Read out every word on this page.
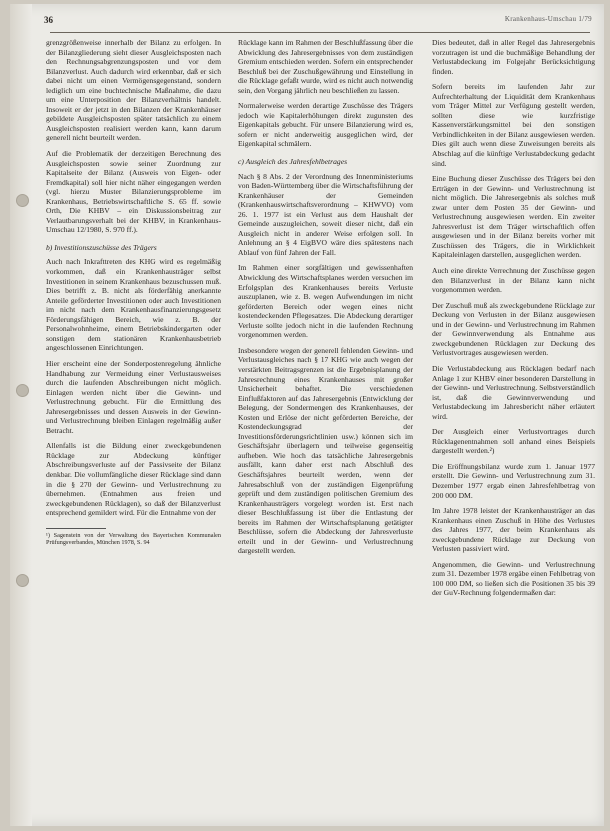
36	Krankenhaus-Umschau 1/79

grenzgrößenweise innerhalb der Bilanz zu erfolgen. In der Bilanzgliederung sieht dieser Ausgleichsposten nach den Rechnungsabgrenzungsposten und vor dem Bilanzverlust. Auch dadurch wird erkennbar, daß er sich dabei nicht um einen Vermögensgegenstand, sondern lediglich um eine buchtechnische Maßnahme, die dazu um eine Unterposition der Bilanzverhältnis handelt. Insoweit er der jetzt in den Bilanzen der Krankenhäuser gebildete Ausgleichsposten später tatsächlich zu einem Ausgleichsposten realisiert werden kann, kann darum generell nicht beurteilt werden.

Auf die Problematik der derzeitigen Berechnung des Ausgleichsposten sowie seiner Zuordnung zur Kapitalseite der Bilanz (Ausweis von Eigen- oder Fremdkapital) soll hier nicht näher eingegangen werden (vgl. hierzu Muster Bilanzierungsprobleme im Krankenhaus, Betriebswirtschaftliche S. 65 ff. sowie Orth, Die KHBV – ein Diskussionsbeitrag zur Verlautbarungsverhalt bei der KHBV, in Krankenhaus-Umschau 12/1980, S. 970 ff.).

b) Investitionszuschüsse des Trägers

Auch nach Inkrafttreten des KHG wird es regelmäßig vorkommen, daß ein Krankenhausträger selbst Investitionen in seinem Krankenhaus bezuschussen muß. Dies betrifft z. B. nicht als förderfähig anerkannte Anteile geförderter Investitionen oder auch Investitionen im nicht nach dem Krankenhausfinanzierungsgesetz Förderungsfähigen Bereich, wie z. B. der Personalwohnheime, einem Betriebskindergarten oder sonstigen dem stationären Krankenhausbetrieb angeschlossenen Einrichtungen.

Hier erscheint eine der Sonderpostenregelung ähnliche Handhabung zur Vermeidung einer Verlustausweises durch die laufenden Abschreibungen nicht möglich. Einlagen werden nicht über die Gewinn- und Verlustrechnung gebucht. Für die Ermittlung des Jahresergebnisses und dessen Ausweis in der Gewinn- und Verlustrechnung bleiben Einlagen regelmäßig außer Betracht.

Allenfalls ist die Bildung einer zweckgebundenen Rücklage zur Abdeckung künftiger Abschreibungsverluste auf der Passivseite der Bilanz denkbar. Die vollumfängliche dieser Rücklage sind dann in die § 270 der Gewinn- und Verlustrechnung zu übernehmen. (Entnahmen aus freien und zweckgebundenen Rücklagen), so daß der Bilanzverlust entsprechend gemildert wird. Für die Entnahme von der

¹) Sagenstein von der Verwaltung des Bayerischen Kommunalen Prüfungsverbandes, München 1978, S. 94

Rücklage kann im Rahmen der Beschlußfassung über die Abwicklung des Jahresergebnisses von dem zuständigen Gremium entschieden werden. Sofern ein entsprechender Beschluß bei der Zuschußgewährung und Einstellung in die Rücklage gefaßt wurde, wird es nicht auch notwendig sein, den Vorgang jährlich neu beschließen zu lassen.

Normalerweise werden derartige Zuschüsse des Trägers jedoch wie Kapitalerhöhungen direkt zugunsten des Eigenkapitals gebucht. Für unsere Bilanzierung wird es, sofern er nicht anderweitig ausgeglichen wird, der Eigenkapital schmälern.

c) Ausgleich des Jahresfehlbetrages

Nach § 8 Abs. 2 der Verordnung des Innenministeriums von Baden-Württemberg über die Wirtschaftsführung der Krankenhäuser der Gemeinden (Krankenhauswirtschaftsverordnung – KHWVO) vom 26. 1. 1977 ist ein Verlust aus dem Haushalt der Gemeinde auszugleichen, soweit dieser nicht, daß ein Ausgleich nicht in anderer Weise erfolgen soll. In Anlehnung an § 4 EigBVO wäre dies spätestens nach Ablauf von fünf Jahren der Fall.

Im Rahmen einer sorgfältigen und gewissenhaften Abwicklung des Wirtschaftsplanes werden versuchen im Erfolgsplan des Krankenhauses bereits Verluste auszuplanen, wie z. B. wegen Aufwendungen im nicht geförderten Bereich oder wegen eines nicht kostendeckenden Pflegesatzes. Die Abdeckung derartiger Verluste sollte jedoch nicht in die laufenden Rechnung vorgenommen werden.

Insbesondere wegen der generell fehlenden Gewinn- und Verlustausgleiches nach § 17 KHG wie auch wegen der verstärkten Beitragsgrenzen ist die Ergebnisplanung der Jahresrechnung eines Krankenhauses mit großer Unsicherheit behaftet. Die verschiedenen Einflußfaktoren auf das Jahresergebnis (Entwicklung der Belegung, der Sondermengen des Krankenhauses, der Kosten und Erlöse der nicht geförderten Bereiche, der Kostendeckungsgrad der Investitionsförderungsrichtlinien usw.) können sich im Geschäftsjahr überlagern und teilweise gegenseitig aufheben. Wie hoch das tatsächliche Jahresergebnis ausfällt, kann daher erst nach Abschluß des Geschäftsjahres beurteilt werden, wenn der Jahresabschluß von der zuständigen Eigenprüfung geprüft und dem zuständigen politischen Gremium des Krankenhausträgers vorgelegt worden ist. Erst nach dieser Beschlußfassung ist über die Entlastung der bereits im Rahmen der Wirtschaftsplanung getätigter Beschlüsse, sofern die Abdeckung der Jahresverluste erteilt und in der Gewinn- und Verlustrechnung dargestellt werden.

Dies bedeutet, daß in aller Regel das Jahresergebnis vorzutragen ist und die buchmäßige Behandlung der Verlustabdeckung im Folgejahr Berücksichtigung finden.

Sofern bereits im laufenden Jahr zur Aufrechterhaltung der Liquidität dem Krankenhaus vom Träger Mittel zur Verfügung gestellt werden, sollten diese wie kurzfristige Kassenverstärkungsmittel bei den sonstigen Verbindlichkeiten in der Bilanz ausgewiesen werden. Dies gilt auch wenn diese Zuweisungen bereits als Abschlag auf die künftige Verlustabdeckung gedacht sind.

Eine Buchung dieser Zuschüsse des Trägers bei den Erträgen in der Gewinn- und Verlustrechnung ist nicht möglich. Die Jahresergebnis als solches muß zwar unter dem Posten 35 der Gewinn- und Verlustrechnung ausgewiesen werden. Ein zweiter Jahresverlust ist dem Träger wirtschaftlich offen ausgewiesen und in der Bilanz bereits vorher mit Zuschüssen des Trägers, die in Wirklichkeit Kapitaleinlagen darstellen, ausgeglichen werden.

Auch eine direkte Verrechnung der Zuschüsse gegen den Bilanzverlust in der Bilanz kann nicht vorgenommen werden.

Der Zuschuß muß als zweckgebundene Rücklage zur Deckung von Verlusten in der Bilanz ausgewiesen und in der Gewinn- und Verlustrechnung im Rahmen der Gewinnverwendung als Entnahme aus zweckgebundenen Rücklagen zur Deckung des Verlustvortrages ausgewiesen werden.

Die Verlustabdeckung aus Rücklagen bedarf nach Anlage 1 zur KHBV einer besonderen Darstellung in der Gewinn- und Verlustrechnung. Selbstverständlich ist, daß die Gewinnverwendung und Verlustabdeckung im Jahresbericht näher erläutert wird.

Der Ausgleich einer Verlustvortrages durch Rücklagenentnahmen soll anhand eines Beispiels dargestellt werden.²)

Die Eröffnungsbilanz wurde zum 1. Januar 1977 erstellt. Die Gewinn- und Verlustrechnung zum 31. Dezember 1977 ergab einen Jahresfehlbetrag von 200 000 DM.

Im Jahre 1978 leistet der Krankenhausträger an das Krankenhaus einen Zuschuß in Höhe des Verlustes des Jahres 1977, der beim Krankenhaus als zweckgebundene Rücklage zur Deckung von Verlusten passiviert wird.

Angenommen, die Gewinn- und Verlustrechnung zum 31. Dezember 1978 ergäbe einen Fehlbetrag von 100 000 DM, so ließen sich die Positionen 35 bis 39 der GuV-Rechnung folgendermaßen dar:
